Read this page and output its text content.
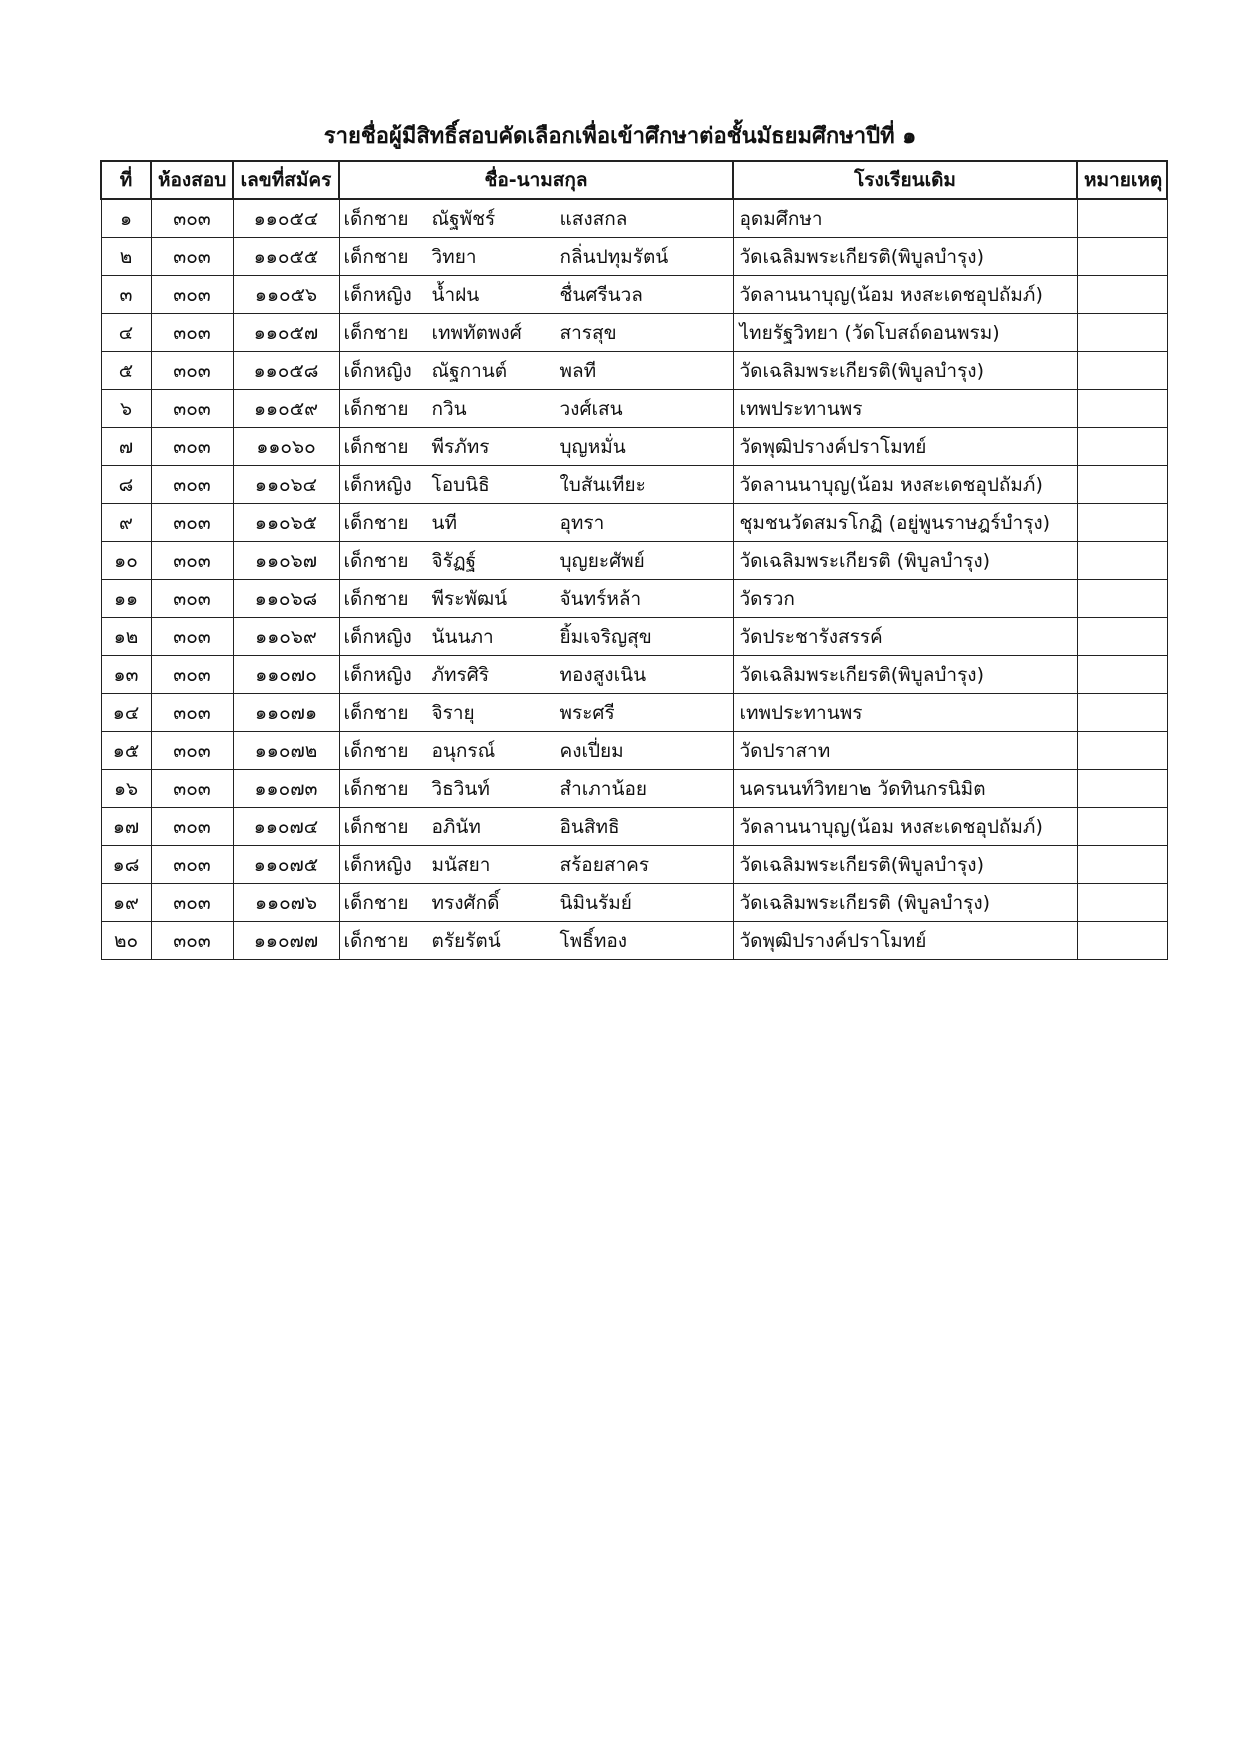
รายชื่อผู้มีสิทธิ์สอบคัดเลือกเพื่อเข้าศึกษาต่อชั้นมัธยมศึกษาปีที่ ๑
ที่	ห้องสอบ	เลขที่สมัคร	ชื่อ-นามสกุล	โรงเรียนเดิม	หมายเหตุ
๑	๓๐๓	๑๑๐๕๔	เด็กชาย ณัฐพัชร์ แสงสกล	อุดมศึกษา	
๒	๓๐๓	๑๑๐๕๕	เด็กชาย วิทยา กลิ่นปทุมรัตน์	วัดเฉลิมพระเกียรติ(พิบูลบำรุง)	
๓	๓๐๓	๑๑๐๕๖	เด็กหญิง น้ำฝน ชื่นศรีนวล	วัดลานนาบุญ(น้อม หงสะเดชอุปถัมภ์)	
๔	๓๐๓	๑๑๐๕๗	เด็กชาย เทพทัตพงศ์ สารสุข	ไทยรัฐวิทยา (วัดโบสถ์ดอนพรม)	
๕	๓๐๓	๑๑๐๕๘	เด็กหญิง ณัฐกานต์ พลที	วัดเฉลิมพระเกียรติ(พิบูลบำรุง)	
๖	๓๐๓	๑๑๐๕๙	เด็กชาย กวิน วงศ์เสน	เทพประทานพร	
๗	๓๐๓	๑๑๐๖๐	เด็กชาย พีรภัทร บุญหมั่น	วัดพุฒิปรางค์ปราโมทย์	
๘	๓๐๓	๑๑๐๖๔	เด็กหญิง โอบนิธิ ใบสันเทียะ	วัดลานนาบุญ(น้อม หงสะเดชอุปถัมภ์)	
๙	๓๐๓	๑๑๐๖๕	เด็กชาย นที อุทรา	ชุมชนวัดสมรโกฏิ (อยู่พูนราษฎร์บำรุง)	
๑๐	๓๐๓	๑๑๐๖๗	เด็กชาย จิรัฏฐ์ บุญยะศัพย์	วัดเฉลิมพระเกียรติ (พิบูลบำรุง)	
๑๑	๓๐๓	๑๑๐๖๘	เด็กชาย พีระพัฒน์ จันทร์หล้า	วัดรวก	
๑๒	๓๐๓	๑๑๐๖๙	เด็กหญิง นันนภา ยิ้มเจริญสุข	วัดประชารังสรรค์	
๑๓	๓๐๓	๑๑๐๗๐	เด็กหญิง ภัทรศิริ ทองสูงเนิน	วัดเฉลิมพระเกียรติ(พิบูลบำรุง)	
๑๔	๓๐๓	๑๑๐๗๑	เด็กชาย จิรายุ พระศรี	เทพประทานพร	
๑๕	๓๐๓	๑๑๐๗๒	เด็กชาย อนุกรณ์ คงเปี่ยม	วัดปราสาท	
๑๖	๓๐๓	๑๑๐๗๓	เด็กชาย วิธวินท์ สำเภาน้อย	นครนนท์วิทยา๒ วัดทินกรนิมิต	
๑๗	๓๐๓	๑๑๐๗๔	เด็กชาย อภินัท อินสิทธิ	วัดลานนาบุญ(น้อม หงสะเดชอุปถัมภ์)	
๑๘	๓๐๓	๑๑๐๗๕	เด็กหญิง มนัสยา สร้อยสาคร	วัดเฉลิมพระเกียรติ(พิบูลบำรุง)	
๑๙	๓๐๓	๑๑๐๗๖	เด็กชาย ทรงศักดิ์ นิมินรัมย์	วัดเฉลิมพระเกียรติ (พิบูลบำรุง)	
๒๐	๓๐๓	๑๑๐๗๗	เด็กชาย ตรัยรัตน์ โพธิ์ทอง	วัดพุฒิปรางค์ปราโมทย์	
